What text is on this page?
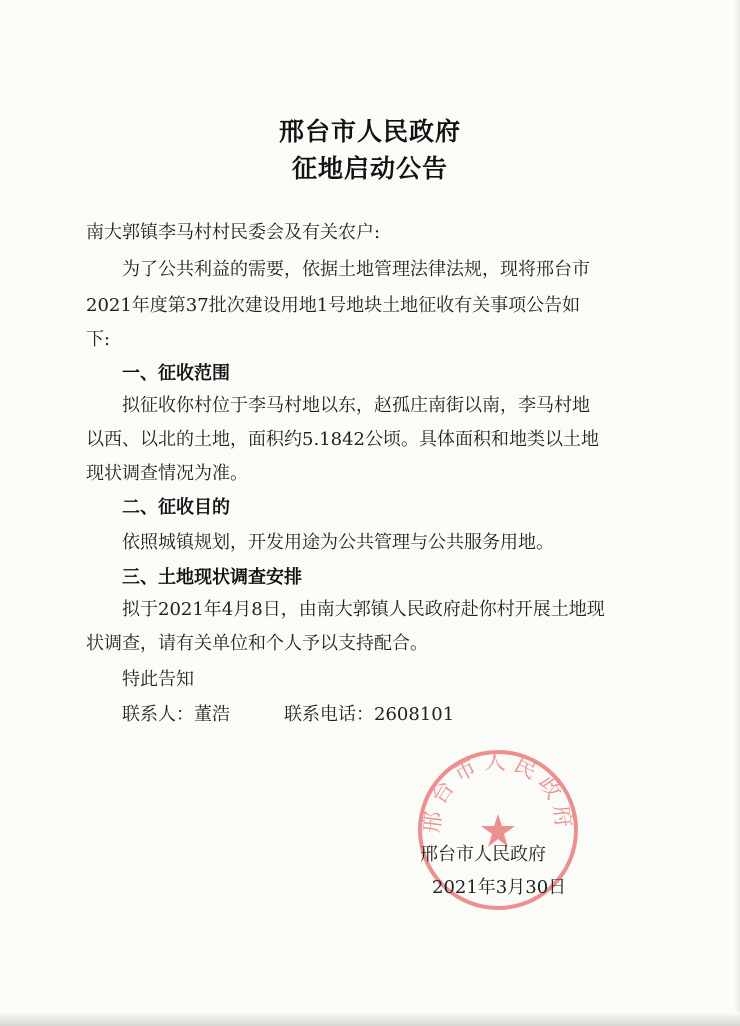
邢台市人民政府
征地启动公告
南大郭镇李马村村民委会及有关农户:
为了公共利益的需要，依据土地管理法律法规，现将邢台市
2021年度第37批次建设用地1号地块土地征收有关事项公告如
下:
一、征收范围
拟征收你村位于李马村地以东，赵孤庄南街以南，李马村地
以西、以北的土地，面积约5.1842公顷。具体面积和地类以土地
现状调查情况为准。
二、征收目的
依照城镇规划，开发用途为公共管理与公共服务用地。
三、土地现状调查安排
拟于2021年4月8日，由南大郭镇人民政府赴你村开展土地现
状调查，请有关单位和个人予以支持配合。
特此告知
联系人：董浩	联系电话：2608101
邢台市人民政府
邢台市人民政府
2021年3月30日
